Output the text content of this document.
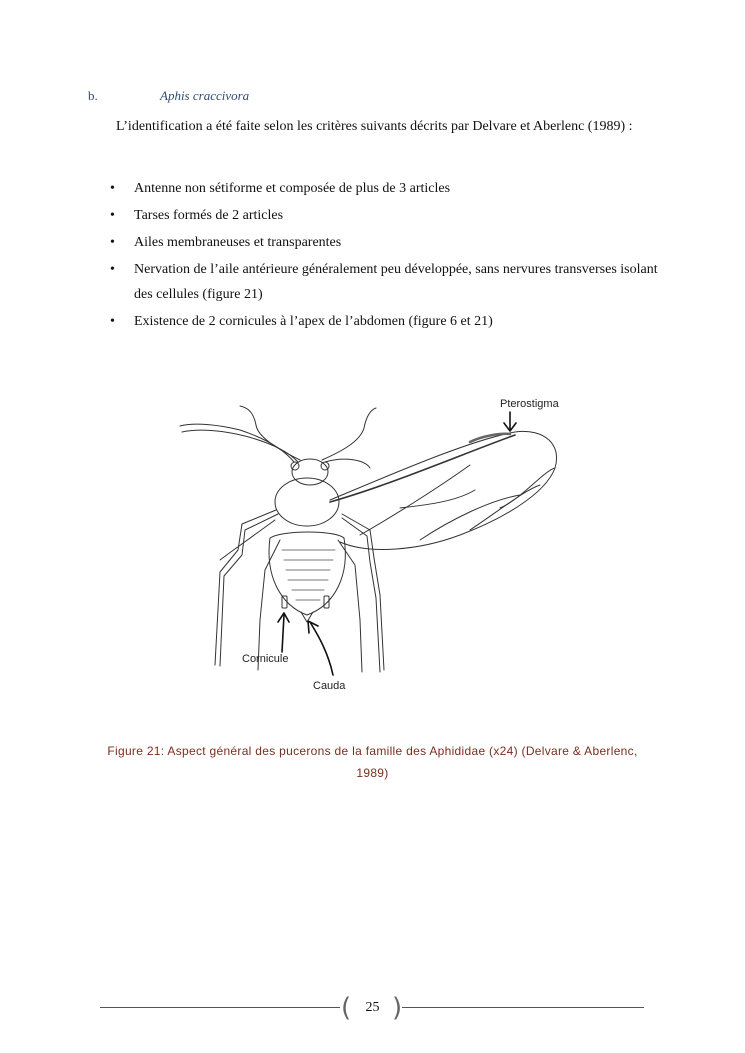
b.	Aphis craccivora

L’identification a été faite selon les critères suivants décrits par Delvare et Aberlenc (1989) :

• Antenne non sétiforme et composée de plus de 3 articles
• Tarses formés de 2 articles
• Ailes membraneuses et transparentes
• Nervation de l’aile antérieure généralement peu développée, sans nervures transverses isolant des cellules (figure 21)
• Existence de 2 cornicules à l’apex de l’abdomen (figure 6 et 21)
Pterostigma
Cornicule
Cauda

Figure 21: Aspect général des pucerons de la famille des Aphididae (x24) (Delvare & Aberlenc, 1989)

( )
25
